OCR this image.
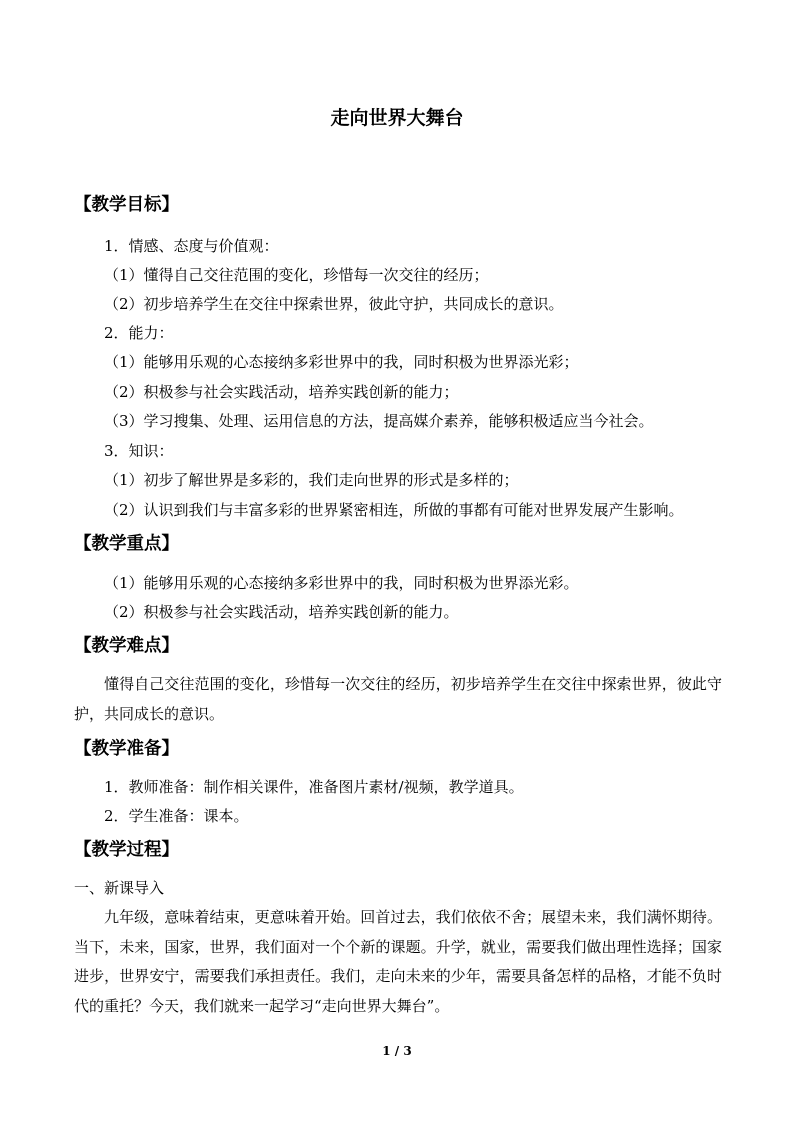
走向世界大舞台
【教学目标】
1．情感、态度与价值观：
（1）懂得自己交往范围的变化，珍惜每一次交往的经历；
（2）初步培养学生在交往中探索世界，彼此守护，共同成长的意识。
2．能力：
（1）能够用乐观的心态接纳多彩世界中的我，同时积极为世界添光彩；
（2）积极参与社会实践活动，培养实践创新的能力；
（3）学习搜集、处理、运用信息的方法，提高媒介素养，能够积极适应当今社会。
3．知识：
（1）初步了解世界是多彩的，我们走向世界的形式是多样的；
（2）认识到我们与丰富多彩的世界紧密相连，所做的事都有可能对世界发展产生影响。
【教学重点】
（1）能够用乐观的心态接纳多彩世界中的我，同时积极为世界添光彩。
（2）积极参与社会实践活动，培养实践创新的能力。
【教学难点】
懂得自己交往范围的变化，珍惜每一次交往的经历，初步培养学生在交往中探索世界，彼此守护，共同成长的意识。
【教学准备】
1．教师准备：制作相关课件，准备图片素材/视频，教学道具。
2．学生准备：课本。
【教学过程】
一、新课导入
九年级，意味着结束，更意味着开始。回首过去，我们依依不舍；展望未来，我们满怀期待。当下，未来，国家，世界，我们面对一个个新的课题。升学，就业，需要我们做出理性选择；国家进步，世界安宁，需要我们承担责任。我们，走向未来的少年，需要具备怎样的品格，才能不负时代的重托？今天，我们就来一起学习“走向世界大舞台”。
1 / 3
